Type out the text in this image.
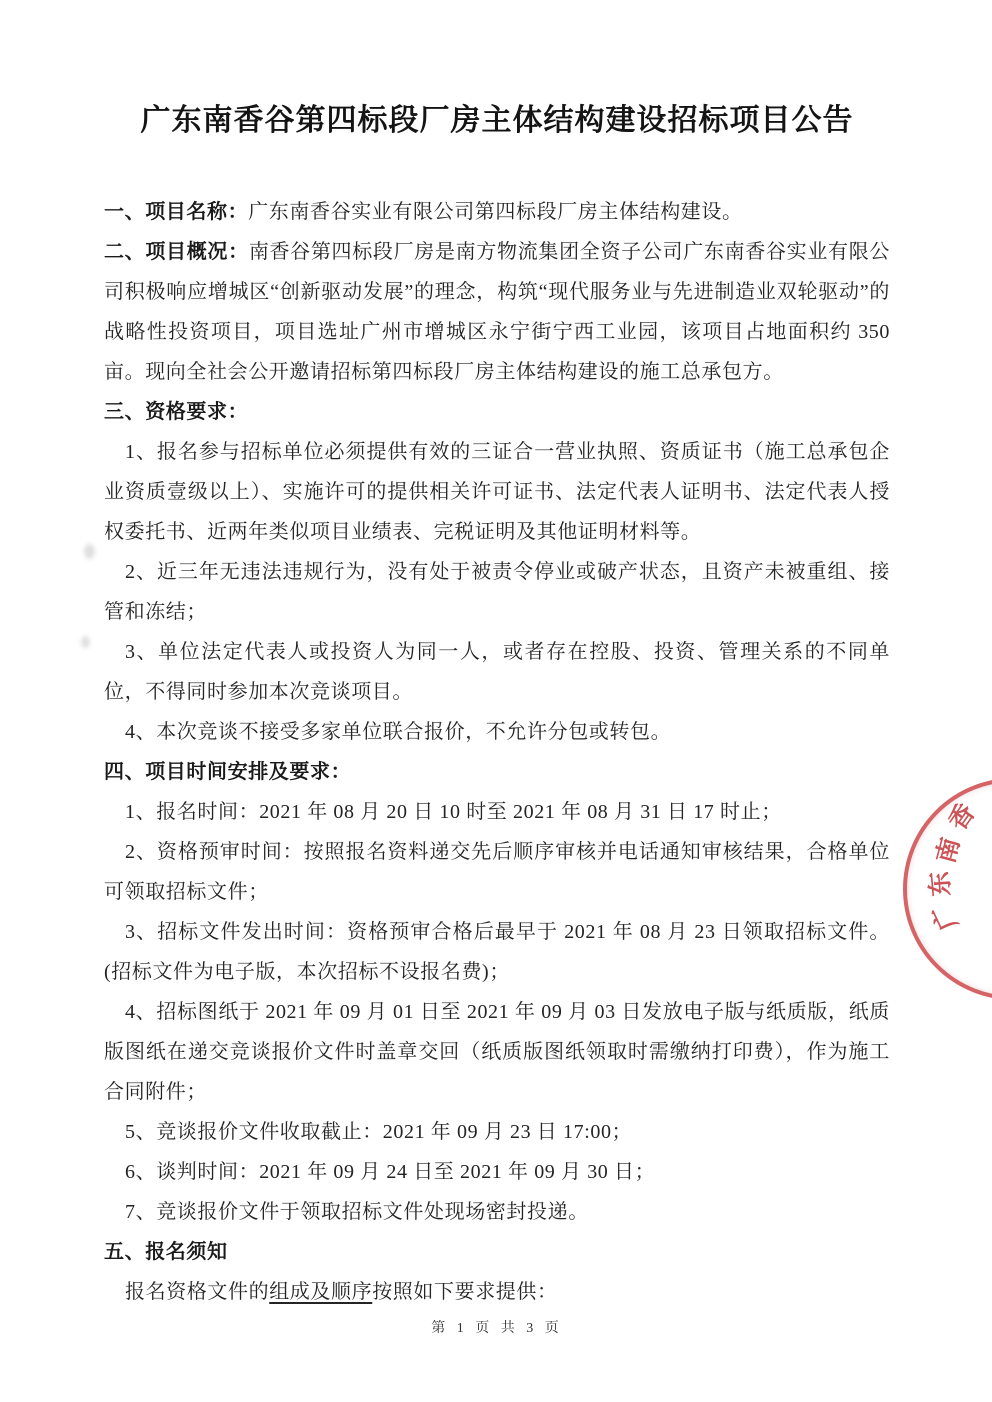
广东南香谷第四标段厂房主体结构建设招标项目公告

一、项目名称：广东南香谷实业有限公司第四标段厂房主体结构建设。

二、项目概况：南香谷第四标段厂房是南方物流集团全资子公司广东南香谷实业有限公司积极响应增城区“创新驱动发展”的理念，构筑“现代服务业与先进制造业双轮驱动”的战略性投资项目，项目选址广州市增城区永宁街宁西工业园，该项目占地面积约 350 亩。现向全社会公开邀请招标第四标段厂房主体结构建设的施工总承包方。

三、资格要求：

1、报名参与招标单位必须提供有效的三证合一营业执照、资质证书（施工总承包企业资质壹级以上）、实施许可的提供相关许可证书、法定代表人证明书、法定代表人授权委托书、近两年类似项目业绩表、完税证明及其他证明材料等。

2、近三年无违法违规行为，没有处于被责令停业或破产状态，且资产未被重组、接管和冻结；

3、单位法定代表人或投资人为同一人，或者存在控股、投资、管理关系的不同单位，不得同时参加本次竞谈项目。

4、本次竞谈不接受多家单位联合报价，不允许分包或转包。

四、项目时间安排及要求：

1、报名时间：2021 年 08 月 20 日 10 时至 2021 年 08 月 31 日 17 时止；

2、资格预审时间：按照报名资料递交先后顺序审核并电话通知审核结果，合格单位可领取招标文件；

3、招标文件发出时间：资格预审合格后最早于 2021 年 08 月 23 日领取招标文件。(招标文件为电子版，本次招标不设报名费)；

4、招标图纸于 2021 年 09 月 01 日至 2021 年 09 月 03 日发放电子版与纸质版，纸质版图纸在递交竞谈报价文件时盖章交回（纸质版图纸领取时需缴纳打印费），作为施工合同附件；

5、竞谈报价文件收取截止：2021 年 09 月 23 日 17:00；

6、谈判时间：2021 年 09 月 24 日至 2021 年 09 月 30 日；

7、竞谈报价文件于领取招标文件处现场密封投递。

五、报名须知

报名资格文件的组成及顺序按照如下要求提供：

第 1 页 共 3 页
香
南
东
广
